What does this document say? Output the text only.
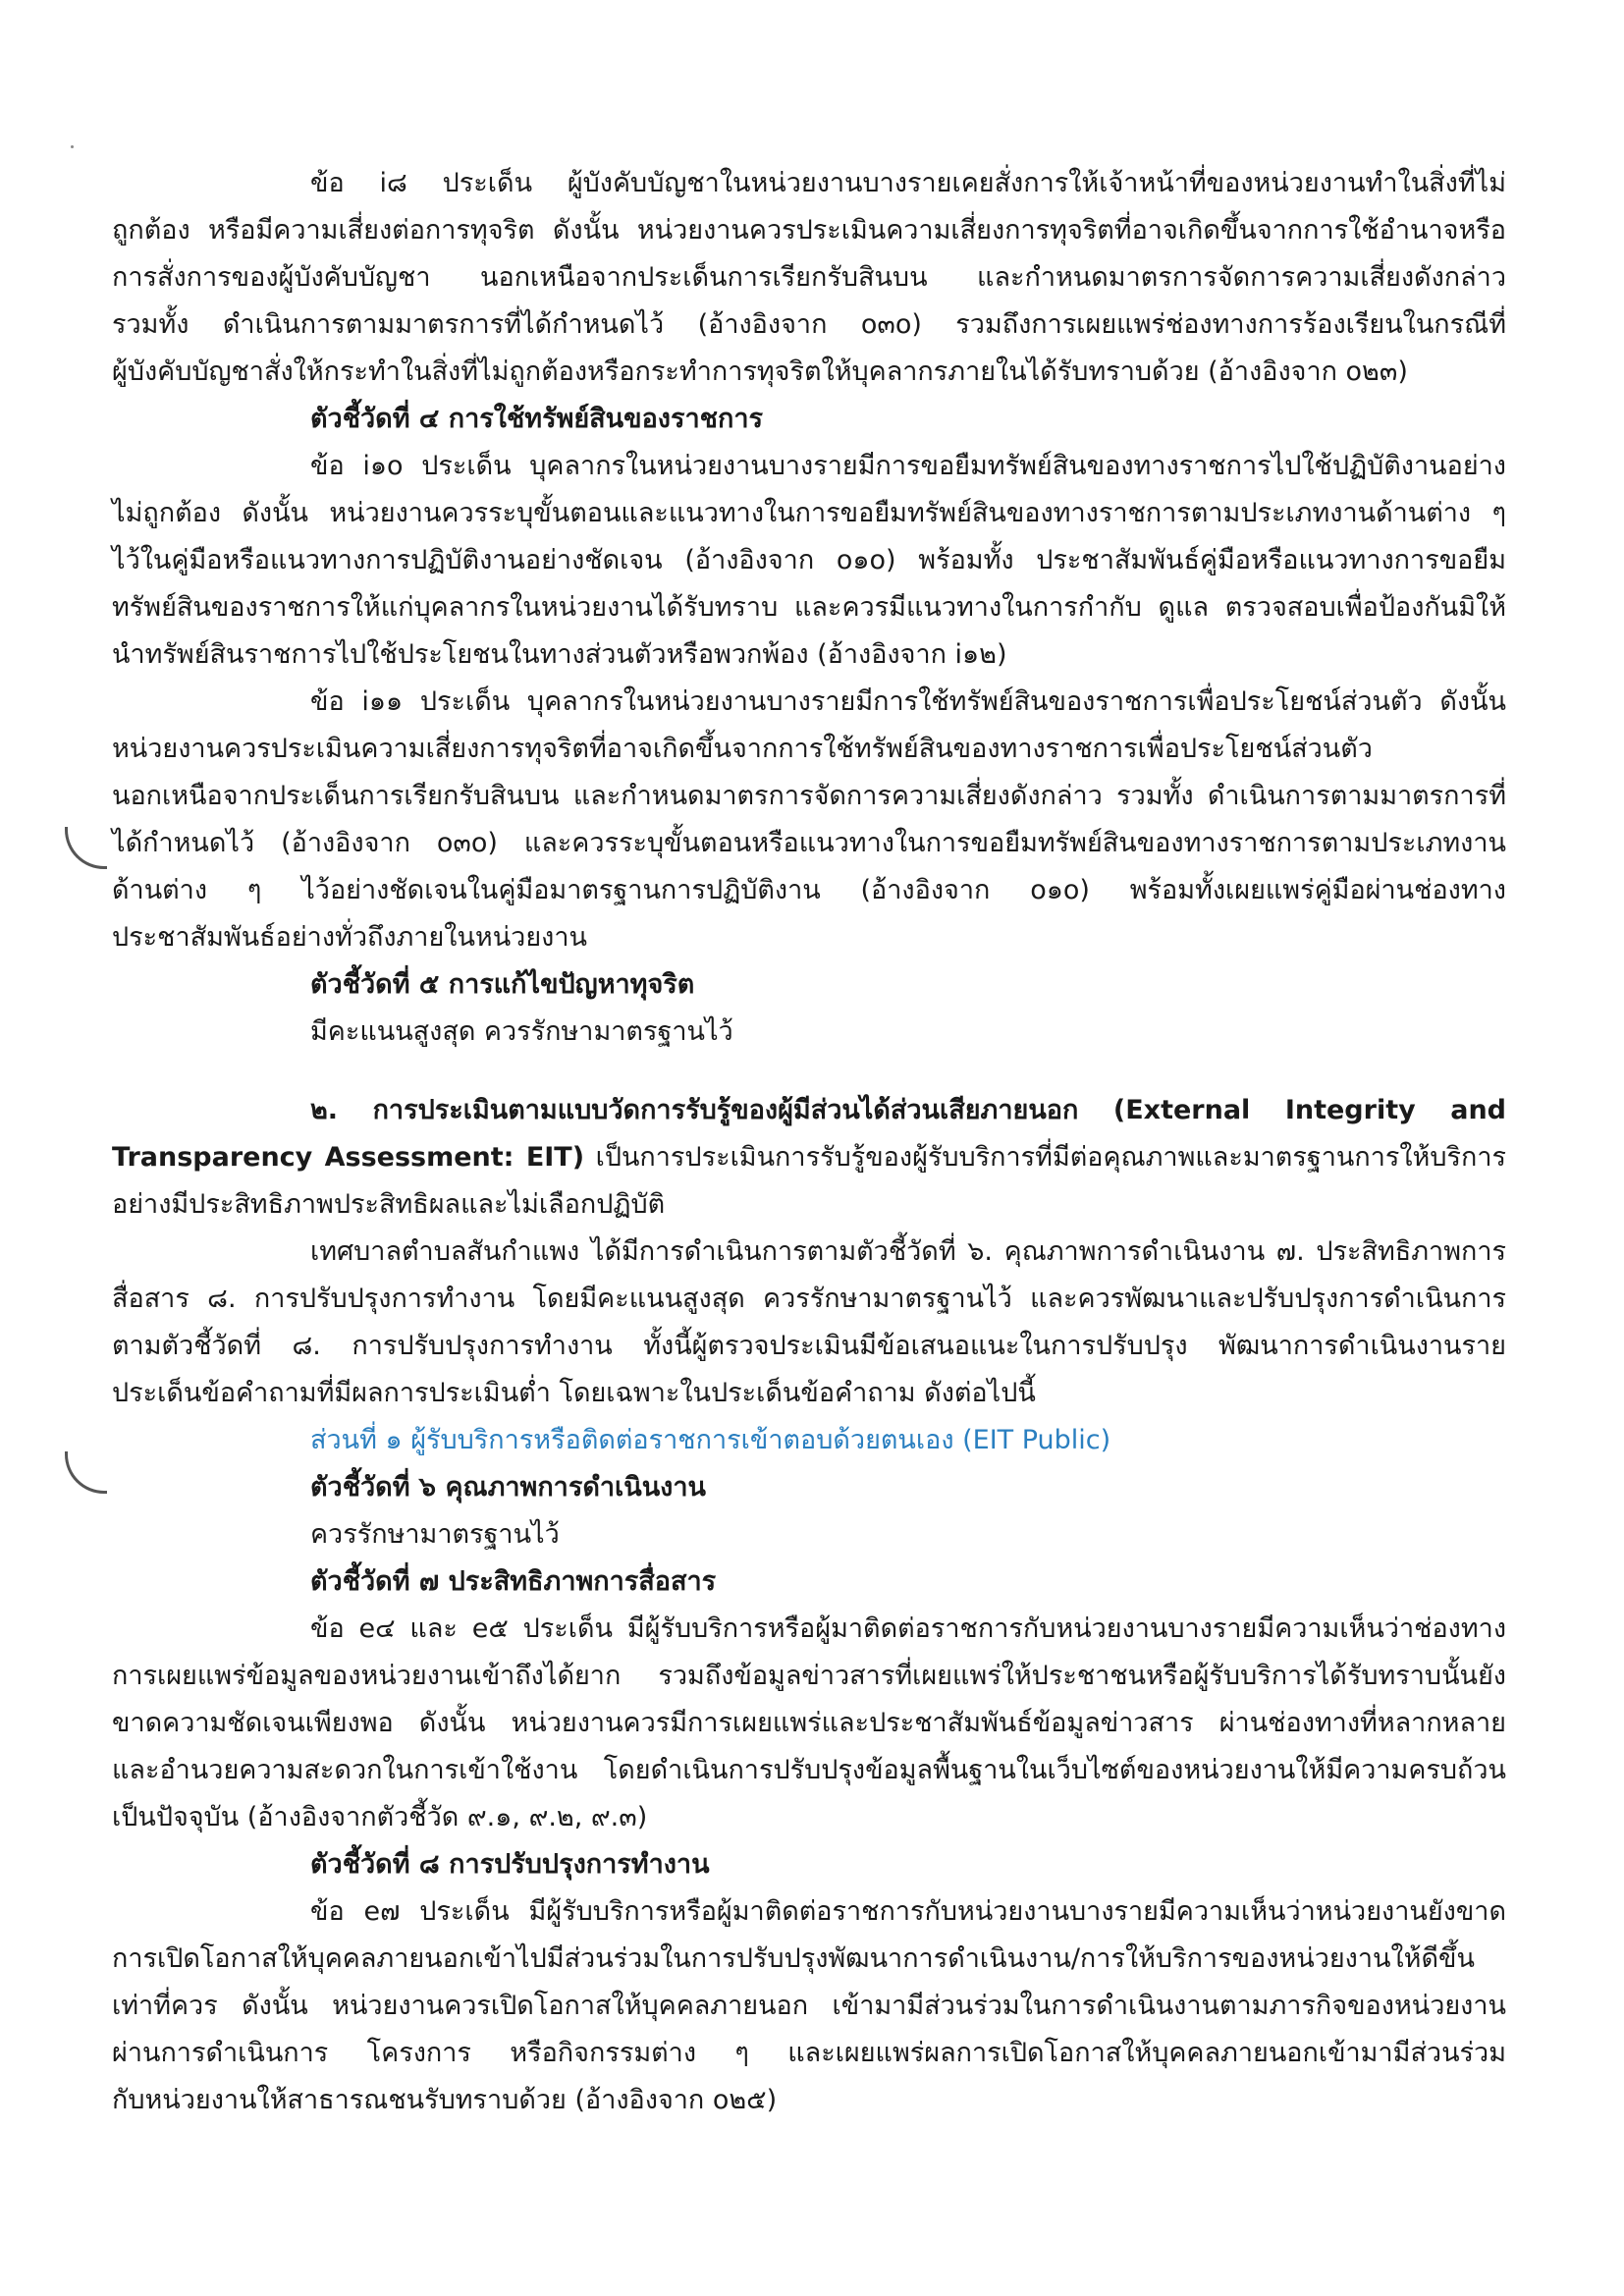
ข้อ i๘ ประเด็น ผู้บังคับบัญชาในหน่วยงานบางรายเคยสั่งการให้เจ้าหน้าที่ของหน่วยงานทำในสิ่งที่ไม่
ถูกต้อง หรือมีความเสี่ยงต่อการทุจริต ดังนั้น หน่วยงานควรประเมินความเสี่ยงการทุจริตที่อาจเกิดขึ้นจากการใช้อำนาจหรือ
การสั่งการของผู้บังคับบัญชา นอกเหนือจากประเด็นการเรียกรับสินบน และกำหนดมาตรการจัดการความเสี่ยงดังกล่าว
รวมทั้ง ดำเนินการตามมาตรการที่ได้กำหนดไว้ (อ้างอิงจาก o๓o) รวมถึงการเผยแพร่ช่องทางการร้องเรียนในกรณีที่
ผู้บังคับบัญชาสั่งให้กระทำในสิ่งที่ไม่ถูกต้องหรือกระทำการทุจริตให้บุคลากรภายในได้รับทราบด้วย (อ้างอิงจาก o๒๓)
ตัวชี้วัดที่ ๔ การใช้ทรัพย์สินของราชการ
ข้อ i๑o ประเด็น บุคลากรในหน่วยงานบางรายมีการขอยืมทรัพย์สินของทางราชการไปใช้ปฏิบัติงานอย่าง
ไม่ถูกต้อง ดังนั้น หน่วยงานควรระบุขั้นตอนและแนวทางในการขอยืมทรัพย์สินของทางราชการตามประเภทงานด้านต่าง ๆ
ไว้ในคู่มือหรือแนวทางการปฏิบัติงานอย่างชัดเจน (อ้างอิงจาก o๑o) พร้อมทั้ง ประชาสัมพันธ์คู่มือหรือแนวทางการขอยืม
ทรัพย์สินของราชการให้แก่บุคลากรในหน่วยงานได้รับทราบ และควรมีแนวทางในการกำกับ ดูแล ตรวจสอบเพื่อป้องกันมิให้
นำทรัพย์สินราชการไปใช้ประโยชนในทางส่วนตัวหรือพวกพ้อง (อ้างอิงจาก i๑๒)
ข้อ i๑๑ ประเด็น บุคลากรในหน่วยงานบางรายมีการใช้ทรัพย์สินของราชการเพื่อประโยชน์ส่วนตัว ดังนั้น
หน่วยงานควรประเมินความเสี่ยงการทุจริตที่อาจเกิดขึ้นจากการใช้ทรัพย์สินของทางราชการเพื่อประโยชน์ส่วนตัว
นอกเหนือจากประเด็นการเรียกรับสินบน และกำหนดมาตรการจัดการความเสี่ยงดังกล่าว รวมทั้ง ดำเนินการตามมาตรการที่
ได้กำหนดไว้ (อ้างอิงจาก o๓o) และควรระบุขั้นตอนหรือแนวทางในการขอยืมทรัพย์สินของทางราชการตามประเภทงาน
ด้านต่าง ๆ ไว้อย่างชัดเจนในคู่มือมาตรฐานการปฏิบัติงาน (อ้างอิงจาก o๑o) พร้อมทั้งเผยแพร่คู่มือผ่านช่องทาง
ประชาสัมพันธ์อย่างทั่วถึงภายในหน่วยงาน
ตัวชี้วัดที่ ๕ การแก้ไขปัญหาทุจริต
มีคะแนนสูงสุด ควรรักษามาตรฐานไว้
๒. การประเมินตามแบบวัดการรับรู้ของผู้มีส่วนได้ส่วนเสียภายนอก (External Integrity and
Transparency Assessment: EIT) เป็นการประเมินการรับรู้ของผู้รับบริการที่มีต่อคุณภาพและมาตรฐานการให้บริการ
อย่างมีประสิทธิภาพประสิทธิผลและไม่เลือกปฏิบัติ
เทศบาลตำบลสันกำแพง ได้มีการดำเนินการตามตัวชี้วัดที่ ๖. คุณภาพการดำเนินงาน ๗. ประสิทธิภาพการ
สื่อสาร ๘. การปรับปรุงการทำงาน โดยมีคะแนนสูงสุด ควรรักษามาตรฐานไว้ และควรพัฒนาและปรับปรุงการดำเนินการ
ตามตัวชี้วัดที่ ๘. การปรับปรุงการทำงาน ทั้งนี้ผู้ตรวจประเมินมีข้อเสนอแนะในการปรับปรุง พัฒนาการดำเนินงานราย
ประเด็นข้อคำถามที่มีผลการประเมินต่ำ โดยเฉพาะในประเด็นข้อคำถาม ดังต่อไปนี้
ส่วนที่ ๑ ผู้รับบริการหรือติดต่อราชการเข้าตอบด้วยตนเอง (EIT Public)
ตัวชี้วัดที่ ๖ คุณภาพการดำเนินงาน
ควรรักษามาตรฐานไว้
ตัวชี้วัดที่ ๗ ประสิทธิภาพการสื่อสาร
ข้อ e๔ และ e๕ ประเด็น มีผู้รับบริการหรือผู้มาติดต่อราชการกับหน่วยงานบางรายมีความเห็นว่าช่องทาง
การเผยแพร่ข้อมูลของหน่วยงานเข้าถึงได้ยาก รวมถึงข้อมูลข่าวสารที่เผยแพร่ให้ประชาชนหรือผู้รับบริการได้รับทราบนั้นยัง
ขาดความชัดเจนเพียงพอ ดังนั้น หน่วยงานควรมีการเผยแพร่และประชาสัมพันธ์ข้อมูลข่าวสาร ผ่านช่องทางที่หลากหลาย
และอำนวยความสะดวกในการเข้าใช้งาน โดยดำเนินการปรับปรุงข้อมูลพื้นฐานในเว็บไซต์ของหน่วยงานให้มีความครบถ้วน
เป็นปัจจุบัน (อ้างอิงจากตัวชี้วัด ๙.๑, ๙.๒, ๙.๓)
ตัวชี้วัดที่ ๘ การปรับปรุงการทำงาน
ข้อ e๗ ประเด็น มีผู้รับบริการหรือผู้มาติดต่อราชการกับหน่วยงานบางรายมีความเห็นว่าหน่วยงานยังขาด
การเปิดโอกาสให้บุคคลภายนอกเข้าไปมีส่วนร่วมในการปรับปรุงพัฒนาการดำเนินงาน/การให้บริการของหน่วยงานให้ดีขึ้น
เท่าที่ควร ดังนั้น หน่วยงานควรเปิดโอกาสให้บุคคลภายนอก เข้ามามีส่วนร่วมในการดำเนินงานตามภารกิจของหน่วยงาน
ผ่านการดำเนินการ โครงการ หรือกิจกรรมต่าง ๆ และเผยแพร่ผลการเปิดโอกาสให้บุคคลภายนอกเข้ามามีส่วนร่วม
กับหน่วยงานให้สาธารณชนรับทราบด้วย (อ้างอิงจาก o๒๕)
